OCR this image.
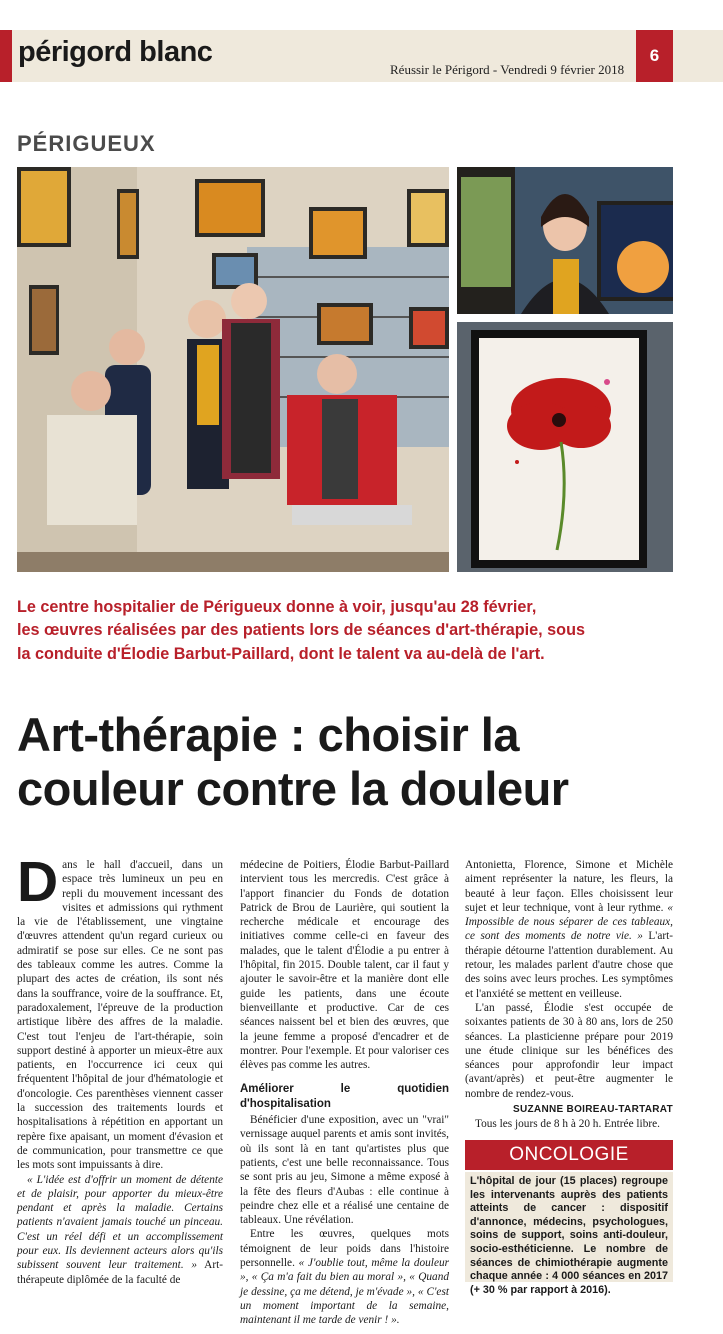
périgord blanc
Réussir le Périgord - Vendredi 9 février 2018
6
PÉRIGUEUX

Le centre hospitalier de Périgueux donne à voir, jusqu'au 28 février,

les œuvres réalisées par des patients lors de séances d'art-thérapie, sous

la conduite d'Élodie Barbut-Paillard, dont le talent va au-delà de l'art.

Art-thérapie : choisir la
couleur contre la douleur

Dans le hall d'accueil, dans un espace très lumineux un peu en repli du mouvement incessant des visites et admissions qui rythment la vie de l'établissement, une vingtaine d'œuvres attendent qu'un regard curieux ou admiratif se pose sur elles. Ce ne sont pas des tableaux comme les autres. Comme la plupart des actes de création, ils sont nés dans la souffrance, voire de la souffrance. Et, paradoxalement, l'épreuve de la production artistique libère des affres de la maladie. C'est tout l'enjeu de l'art-thérapie, soin support destiné à apporter un mieux-être aux patients, en l'occurrence ici ceux qui fréquentent l'hôpital de jour d'hématologie et d'oncologie. Ces parenthèses viennent casser la succession des traitements lourds et hospitalisations à répétition en apportant un repère fixe apaisant, un moment d'évasion et de communication, pour transmettre ce que les mots sont impuissants à dire.

« L'idée est d'offrir un moment de détente et de plaisir, pour apporter du mieux-être pendant et après la maladie. Certains patients n'avaient jamais touché un pinceau. C'est un réel défi et un accomplissement pour eux. Ils deviennent acteurs alors qu'ils subissent souvent leur traitement. » Art-thérapeute diplômée de la faculté de

médecine de Poitiers, Élodie Barbut-Paillard intervient tous les mercredis. C'est grâce à l'apport financier du Fonds de dotation Patrick de Brou de Laurière, qui soutient la recherche médicale et encourage des initiatives comme celle-ci en faveur des malades, que le talent d'Élodie a pu entrer à l'hôpital, fin 2015. Double talent, car il faut y ajouter le savoir-être et la manière dont elle guide les patients, dans une écoute bienveillante et productive. Car de ces séances naissent bel et bien des œuvres, que la jeune femme a proposé d'encadrer et de montrer. Pour l'exemple. Et pour valoriser ces élèves pas comme les autres.

Améliorer le quotidien d'hospitalisation

Bénéficier d'une exposition, avec un "vrai" vernissage auquel parents et amis sont invités, où ils sont là en tant qu'artistes plus que patients, c'est une belle reconnaissance. Tous se sont pris au jeu, Simone a même exposé à la fête des fleurs d'Aubas : elle continue à peindre chez elle et a réalisé une centaine de tableaux. Une révélation.

Entre les œuvres, quelques mots témoignent de leur poids dans l'histoire personnelle. « J'oublie tout, même la douleur », « Ça m'a fait du bien au moral », « Quand je dessine, ça me détend, je m'évade », « C'est un moment important de la semaine, maintenant il me tarde de venir ! ».

Antonietta, Florence, Simone et Michèle aiment représenter la nature, les fleurs, la beauté à leur façon. Elles choisissent leur sujet et leur technique, vont à leur rythme. « Impossible de nous séparer de ces tableaux, ce sont des moments de notre vie. » L'art-thérapie détourne l'attention durablement. Au retour, les malades parlent d'autre chose que des soins avec leurs proches. Les symptômes et l'anxiété se mettent en veilleuse.

L'an passé, Élodie s'est occupée de soixantes patients de 30 à 80 ans, lors de 250 séances. La plasticienne prépare pour 2019 une étude clinique sur les bénéfices des séances pour approfondir leur impact (avant/après) et peut-être augmenter le nombre de rendez-vous.

SUZANNE BOIREAU-TARTARAT

Tous les jours de 8 h à 20 h. Entrée libre.

ONCOLOGIE
L'hôpital de jour (15 places) regroupe les intervenants auprès des patients atteints de cancer : dispositif d'annonce, médecins, psychologues, soins de support, soins anti-douleur, socio-esthéticienne. Le nombre de séances de chimiothérapie augmente chaque année : 4 000 séances en 2017 (+ 30 % par rapport à 2016).
